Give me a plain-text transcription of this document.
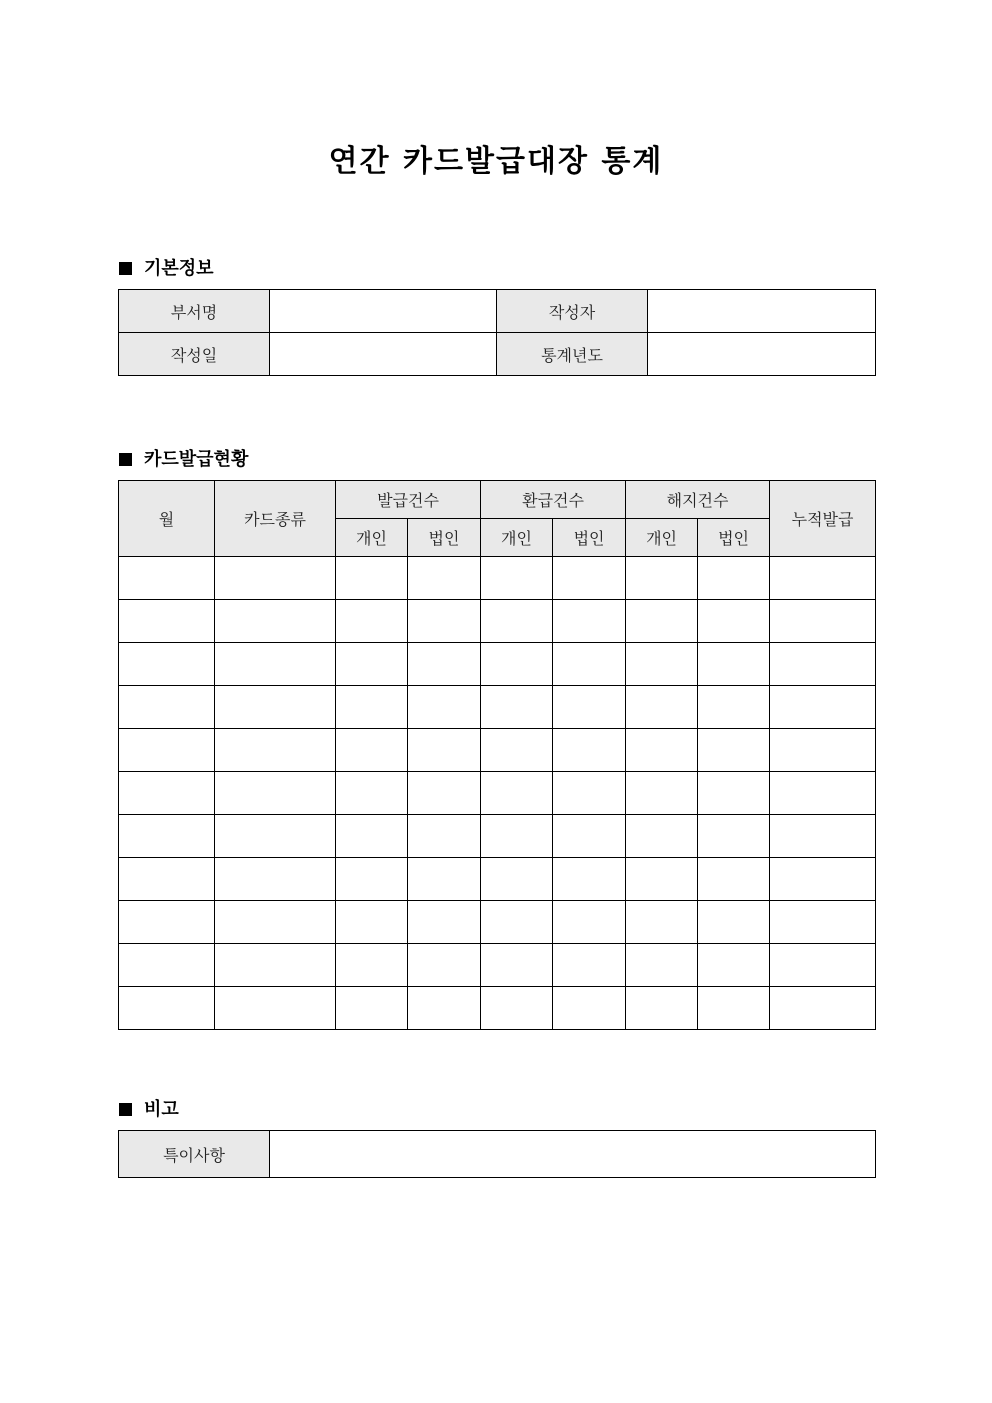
연간 카드발급대장 통계
기본정보
부서명		작성자	
작성일		통계년도	
카드발급현황
월	카드종류	발급건수		환급건수		해지건수		누적발급
		개인	법인	개인	법인	개인	법인	

비고
특이사항	
